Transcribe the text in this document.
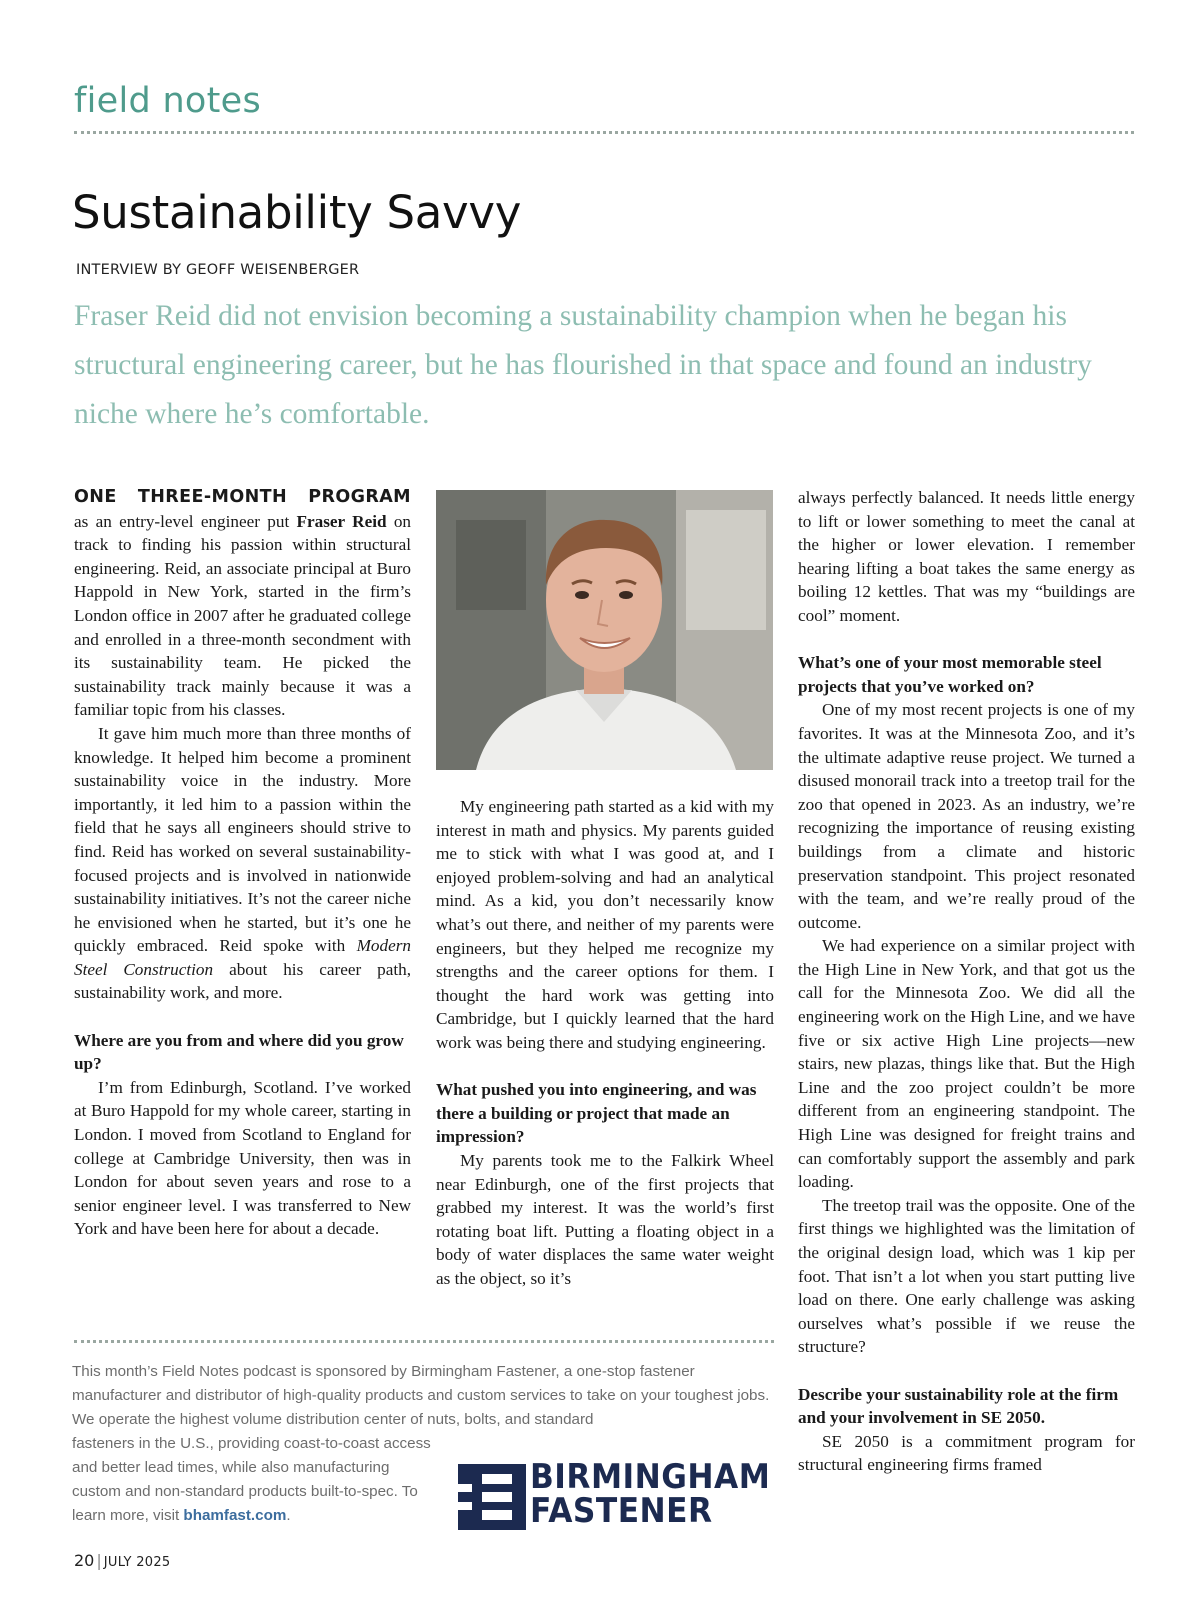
field notes
Sustainability Savvy
INTERVIEW BY GEOFF WEISENBERGER

Fraser Reid did not envision becoming a sustainability champion when he began his structural engineering career, but he has flourished in that space and found an industry niche where he’s comfortable.

ONE THREE-MONTH PROGRAM as an entry-level engineer put Fraser Reid on track to finding his passion within structural engineering. Reid, an associate principal at Buro Happold in New York, started in the firm’s London office in 2007 after he graduated college and enrolled in a three-month secondment with its sustainability team. He picked the sustainability track mainly because it was a familiar topic from his classes.

It gave him much more than three months of knowledge. It helped him become a prominent sustainability voice in the industry. More importantly, it led him to a passion within the field that he says all engineers should strive to find. Reid has worked on several sustainability-focused projects and is involved in nationwide sustainability initiatives. It’s not the career niche he envisioned when he started, but it’s one he quickly embraced. Reid spoke with Modern Steel Construction about his career path, sustainability work, and more.

Where are you from and where did you grow up?

I’m from Edinburgh, Scotland. I’ve worked at Buro Happold for my whole career, starting in London. I moved from Scotland to England for college at Cambridge University, then was in London for about seven years and rose to a senior engineer level. I was transferred to New York and have been here for about a decade.

My engineering path started as a kid with my interest in math and physics. My parents guided me to stick with what I was good at, and I enjoyed problem-solving and had an analytical mind. As a kid, you don’t necessarily know what’s out there, and neither of my parents were engineers, but they helped me recognize my strengths and the career options for them. I thought the hard work was getting into Cambridge, but I quickly learned that the hard work was being there and studying engineering.

What pushed you into engineering, and was there a building or project that made an impression?

My parents took me to the Falkirk Wheel near Edinburgh, one of the first projects that grabbed my interest. It was the world’s first rotating boat lift. Putting a floating object in a body of water displaces the same water weight as the object, so it’s

always perfectly balanced. It needs little energy to lift or lower something to meet the canal at the higher or lower elevation. I remember hearing lifting a boat takes the same energy as boiling 12 kettles. That was my “buildings are cool” moment.

What’s one of your most memorable steel projects that you’ve worked on?

One of my most recent projects is one of my favorites. It was at the Minnesota Zoo, and it’s the ultimate adaptive reuse project. We turned a disused monorail track into a treetop trail for the zoo that opened in 2023. As an industry, we’re recognizing the importance of reusing existing buildings from a climate and historic preservation standpoint. This project resonated with the team, and we’re really proud of the outcome.

We had experience on a similar project with the High Line in New York, and that got us the call for the Minnesota Zoo. We did all the engineering work on the High Line, and we have five or six active High Line projects—new stairs, new plazas, things like that. But the High Line and the zoo project couldn’t be more different from an engineering standpoint. The High Line was designed for freight trains and can comfortably support the assembly and park loading.

The treetop trail was the opposite. One of the first things we highlighted was the limitation of the original design load, which was 1 kip per foot. That isn’t a lot when you start putting live load on there. One early challenge was asking ourselves what’s possible if we reuse the structure?

Describe your sustainability role at the firm and your involvement in SE 2050.

SE 2050 is a commitment program for structural engineering firms framed

This month’s Field Notes podcast is sponsored by Birmingham Fastener, a one-stop fastener manufacturer and distributor of high-quality products and custom services to take on your toughest jobs. We operate the highest volume distribution center of nuts, bolts, and standard

fasteners in the U.S., providing coast-to-coast access and better lead times, while also manufacturing custom and non-standard products built-to-spec. To learn more, visit bhamfast.com.

BIRMINGHAM
FASTENER
20 | JULY 2025
